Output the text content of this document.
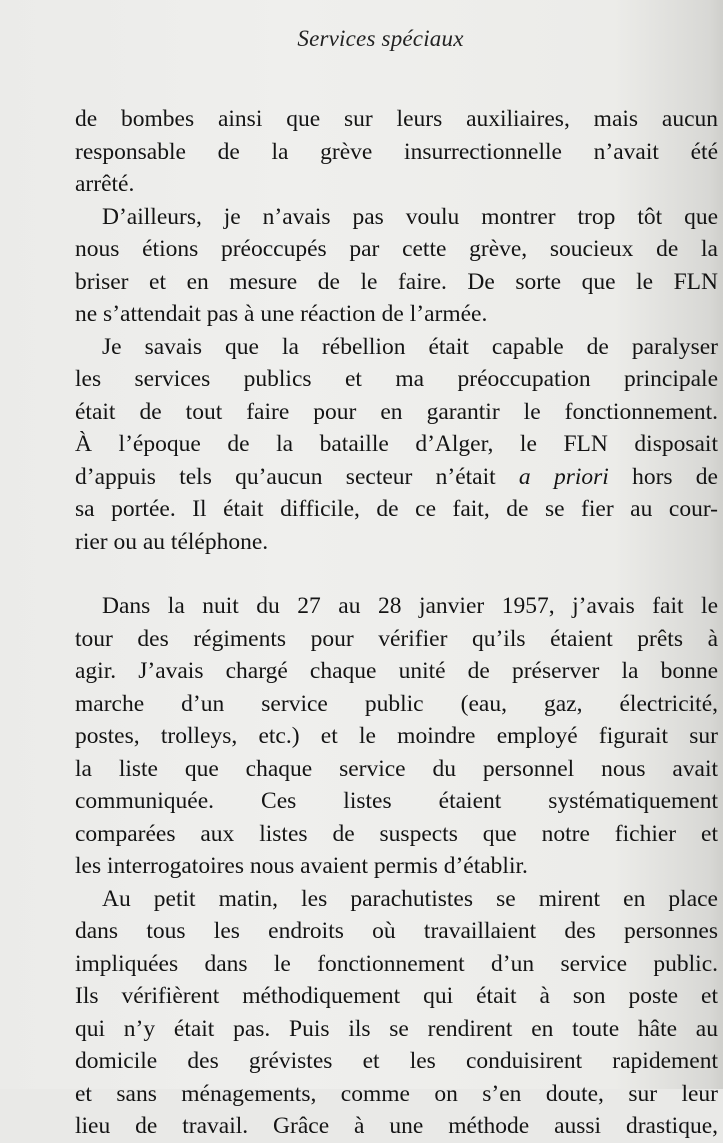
Services spéciaux
de bombes ainsi que sur leurs auxiliaires, mais aucun
responsable de la grève insurrectionnelle n’avait été
arrêté.
D’ailleurs, je n’avais pas voulu montrer trop tôt que
nous étions préoccupés par cette grève, soucieux de la
briser et en mesure de le faire. De sorte que le FLN
ne s’attendait pas à une réaction de l’armée.
Je savais que la rébellion était capable de paralyser
les services publics et ma préoccupation principale
était de tout faire pour en garantir le fonctionnement.
À l’époque de la bataille d’Alger, le FLN disposait
d’appuis tels qu’aucun secteur n’était a priori hors de
sa portée. Il était difficile, de ce fait, de se fier au cour-
rier ou au téléphone.
Dans la nuit du 27 au 28 janvier 1957, j’avais fait le
tour des régiments pour vérifier qu’ils étaient prêts à
agir. J’avais chargé chaque unité de préserver la bonne
marche d’un service public (eau, gaz, électricité,
postes, trolleys, etc.) et le moindre employé figurait sur
la liste que chaque service du personnel nous avait
communiquée. Ces listes étaient systématiquement
comparées aux listes de suspects que notre fichier et
les interrogatoires nous avaient permis d’établir.
Au petit matin, les parachutistes se mirent en place
dans tous les endroits où travaillaient des personnes
impliquées dans le fonctionnement d’un service public.
Ils vérifièrent méthodiquement qui était à son poste et
qui n’y était pas. Puis ils se rendirent en toute hâte au
domicile des grévistes et les conduisirent rapidement
et sans ménagements, comme on s’en doute, sur leur
lieu de travail. Grâce à une méthode aussi drastique,
